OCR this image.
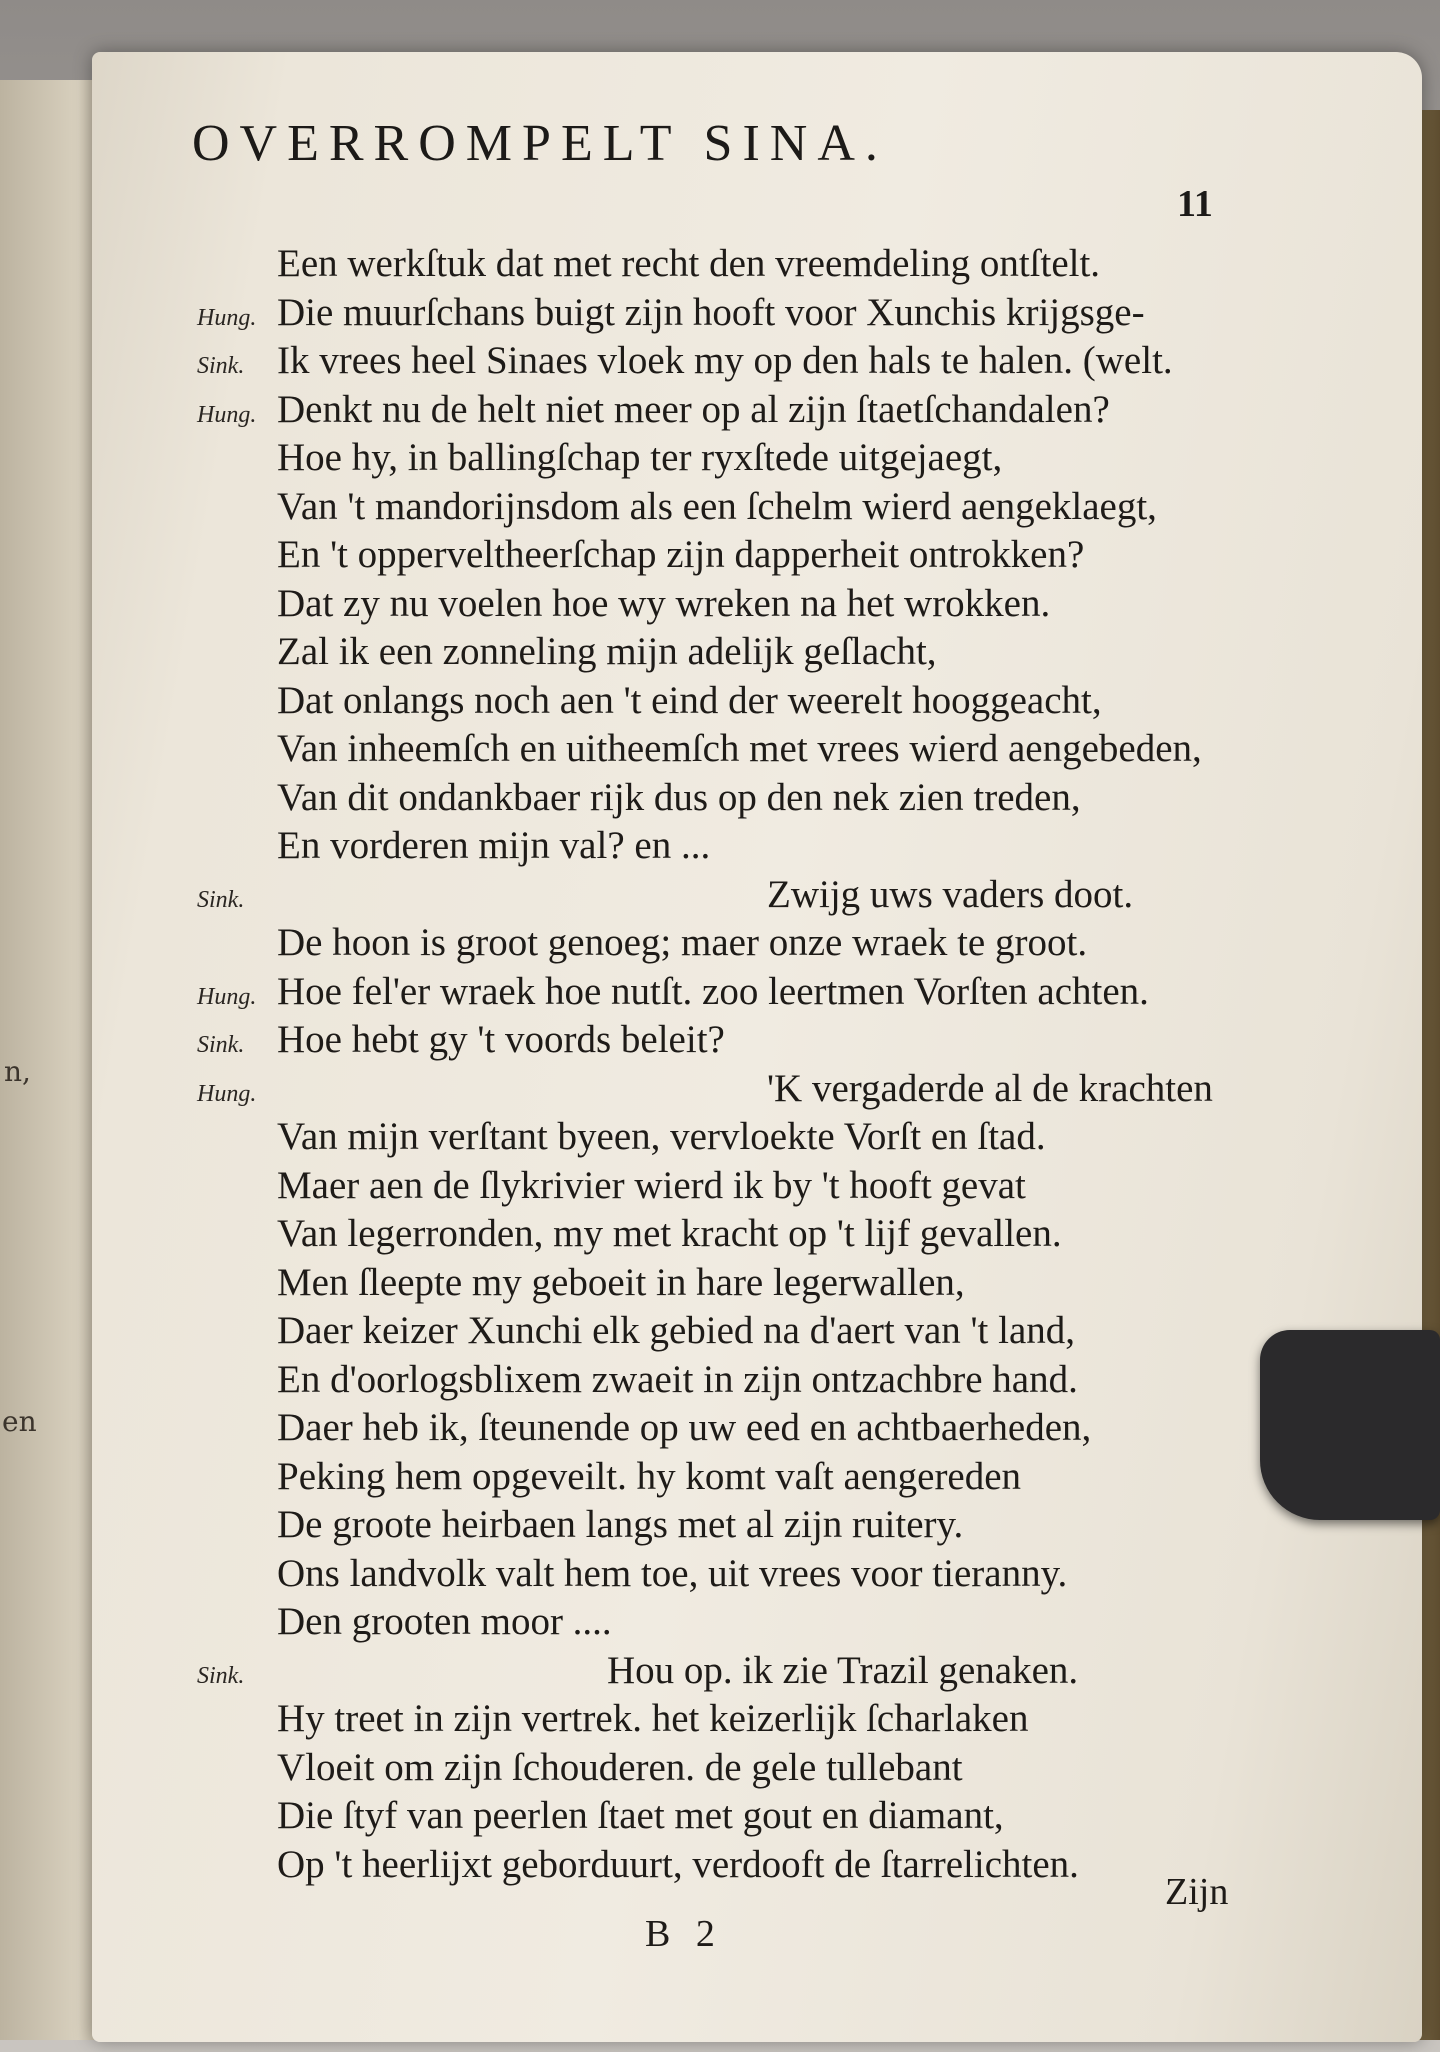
n,
en
OVERROMPELT SINA.
11
Een werkſtuk dat met recht den vreemdeling ontſtelt.
Hung. Die muurſchans buigt zijn hooft voor Xunchis krijgsge-
Sink. Ik vrees heel Sinaes vloek my op den hals te halen. (welt.
Hung. Denkt nu de helt niet meer op al zijn ſtaetſchandalen?
Hoe hy, in ballingſchap ter ryxſtede uitgejaegt,
Van 't mandorijnsdom als een ſchelm wierd aengeklaegt,
En 't opperveltheerſchap zijn dapperheit ontrokken?
Dat zy nu voelen hoe wy wreken na het wrokken.
Zal ik een zonneling mijn adelijk geſlacht,
Dat onlangs noch aen 't eind der weerelt hooggeacht,
Van inheemſch en uitheemſch met vrees wierd aengebeden,
Van dit ondankbaer rijk dus op den nek zien treden,
En vorderen mijn val? en ...
Sink.	Zwijg uws vaders doot.
De hoon is groot genoeg; maer onze wraek te groot.
Hung. Hoe fel'er wraek hoe nutſt. zoo leertmen Vorſten achten.
Sink. Hoe hebt gy 't voords beleit?
Hung.	'K vergaderde al de krachten
Van mijn verſtant byeen, vervloekte Vorſt en ſtad.
Maer aen de ſlykrivier wierd ik by 't hooft gevat
Van legerronden, my met kracht op 't lijf gevallen.
Men ſleepte my geboeit in hare legerwallen,
Daer keizer Xunchi elk gebied na d'aert van 't land,
En d'oorlogsblixem zwaeit in zijn ontzachbre hand.
Daer heb ik, ſteunende op uw eed en achtbaerheden,
Peking hem opgeveilt. hy komt vaſt aengereden
De groote heirbaen langs met al zijn ruitery.
Ons landvolk valt hem toe, uit vrees voor tieranny.
Den grooten moor ....
Sink.	Hou op. ik zie Trazil genaken.
Hy treet in zijn vertrek. het keizerlijk ſcharlaken
Vloeit om zijn ſchouderen. de gele tullebant
Die ſtyf van peerlen ſtaet met gout en diamant,
Op 't heerlijxt geborduurt, verdooft de ſtarrelichten.
Zijn
B 2
